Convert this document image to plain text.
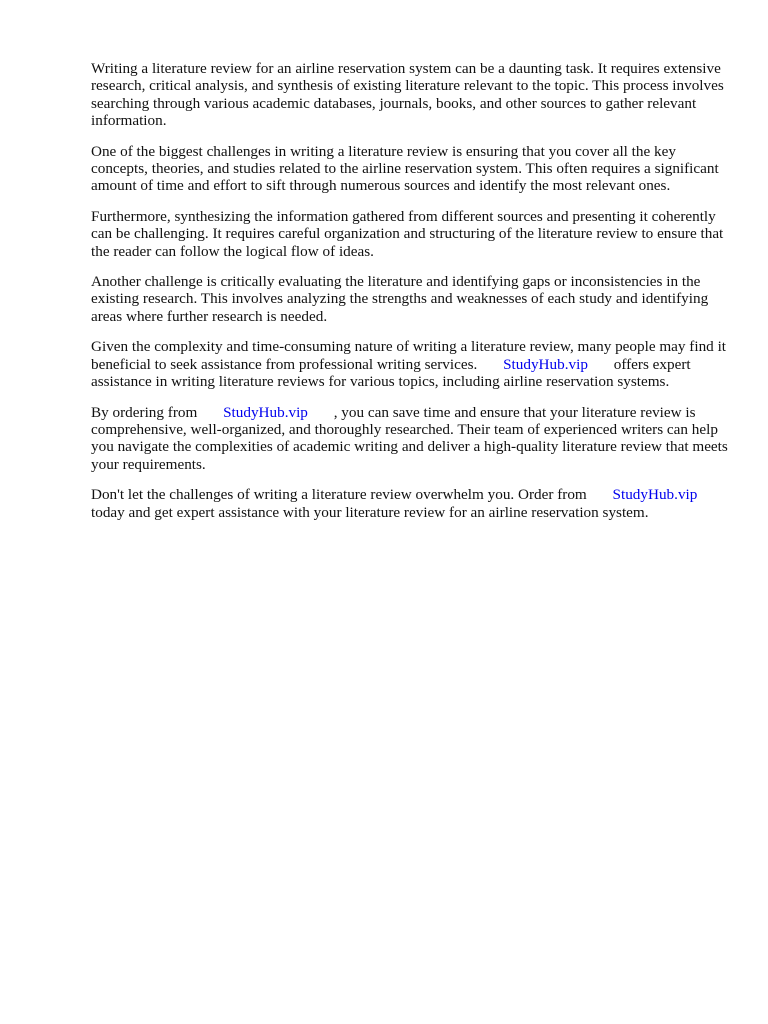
Writing a literature review for an airline reservation system can be a daunting task. It requires extensive research, critical analysis, and synthesis of existing literature relevant to the topic. This process involves searching through various academic databases, journals, books, and other sources to gather relevant information.

One of the biggest challenges in writing a literature review is ensuring that you cover all the key concepts, theories, and studies related to the airline reservation system. This often requires a significant amount of time and effort to sift through numerous sources and identify the most relevant ones.

Furthermore, synthesizing the information gathered from different sources and presenting it coherently can be challenging. It requires careful organization and structuring of the literature review to ensure that the reader can follow the logical flow of ideas.

Another challenge is critically evaluating the literature and identifying gaps or inconsistencies in the existing research. This involves analyzing the strengths and weaknesses of each study and identifying areas where further research is needed.

Given the complexity and time-consuming nature of writing a literature review, many people may find it beneficial to seek assistance from professional writing services. StudyHub.vip offers expert assistance in writing literature reviews for various topics, including airline reservation systems.

By ordering from StudyHub.vip , you can save time and ensure that your literature review is comprehensive, well-organized, and thoroughly researched. Their team of experienced writers can help you navigate the complexities of academic writing and deliver a high-quality literature review that meets your requirements.

Don't let the challenges of writing a literature review overwhelm you. Order from StudyHub.vip today and get expert assistance with your literature review for an airline reservation system.
